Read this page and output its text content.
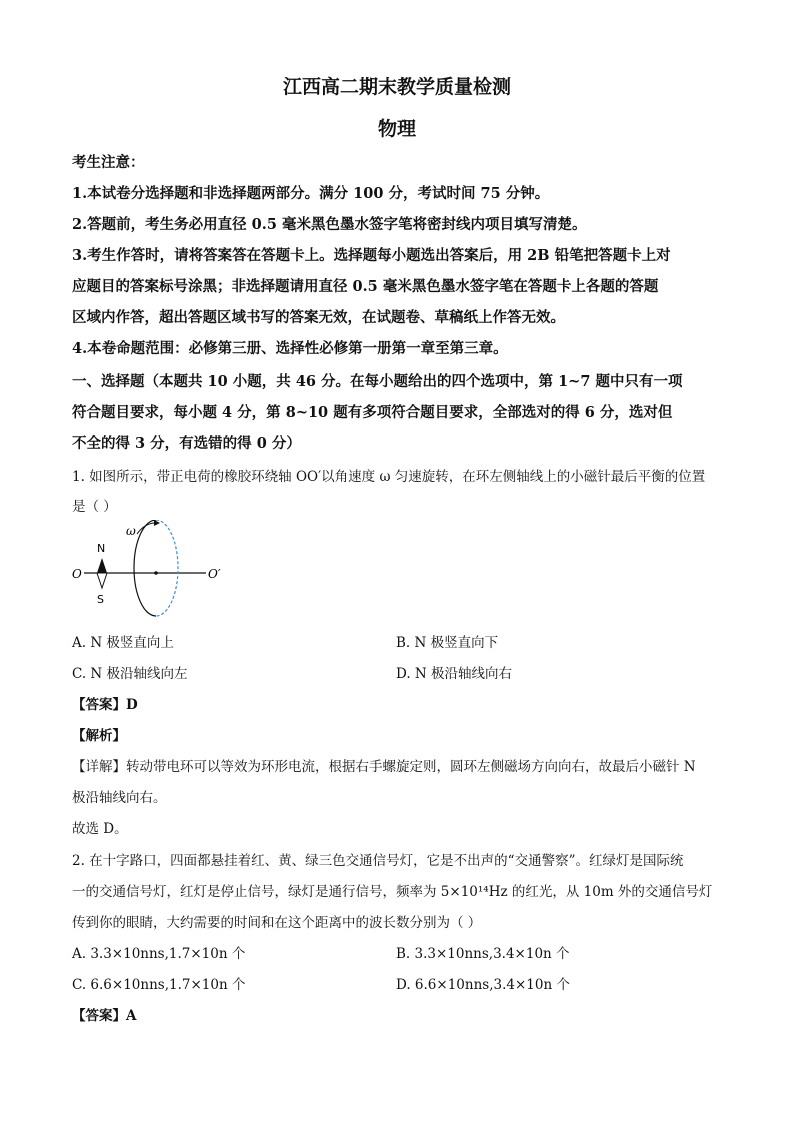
江西高二期末教学质量检测
物理
考生注意：
1.本试卷分选择题和非选择题两部分。满分 100 分，考试时间 75 分钟。
2.答题前，考生务必用直径 0.5 毫米黑色墨水签字笔将密封线内项目填写清楚。
3.考生作答时，请将答案答在答题卡上。选择题每小题选出答案后，用 2B 铅笔把答题卡上对
应题目的答案标号涂黑；非选择题请用直径 0.5 毫米黑色墨水签字笔在答题卡上各题的答题
区域内作答，超出答题区域书写的答案无效，在试题卷、草稿纸上作答无效。
4.本卷命题范围：必修第三册、选择性必修第一册第一章至第三章。
一、选择题（本题共 10 小题，共 46 分。在每小题给出的四个选项中，第 1~7 题中只有一项
符合题目要求，每小题 4 分，第 8~10 题有多项符合题目要求，全部选对的得 6 分，选对但
不全的得 3 分，有选错的得 0 分）
1. 如图所示，带正电荷的橡胶环绕轴 OO′以角速度 ω 匀速旋转，在环左侧轴线上的小磁针最后平衡的位置
是（ ）
ω
N
S
O	O′
A. N 极竖直向上	B. N 极竖直向下
C. N 极沿轴线向左	D. N 极沿轴线向右
【答案】D
【解析】
【详解】转动带电环可以等效为环形电流，根据右手螺旋定则，圆环左侧磁场方向向右，故最后小磁针 N
极沿轴线向右。
故选 D。
2. 在十字路口，四面都悬挂着红、黄、绿三色交通信号灯，它是不出声的“交通警察”。红绿灯是国际统
一的交通信号灯，红灯是停止信号，绿灯是通行信号，频率为 5×10¹⁴Hz 的红光，从 10m 外的交通信号灯
传到你的眼睛，大约需要的时间和在这个距离中的波长数分别为（ ）
A. 3.3×10nns,1.7×10n 个	B. 3.3×10nns,3.4×10n 个
C. 6.6×10nns,1.7×10n 个	D. 6.6×10nns,3.4×10n 个
【答案】A
